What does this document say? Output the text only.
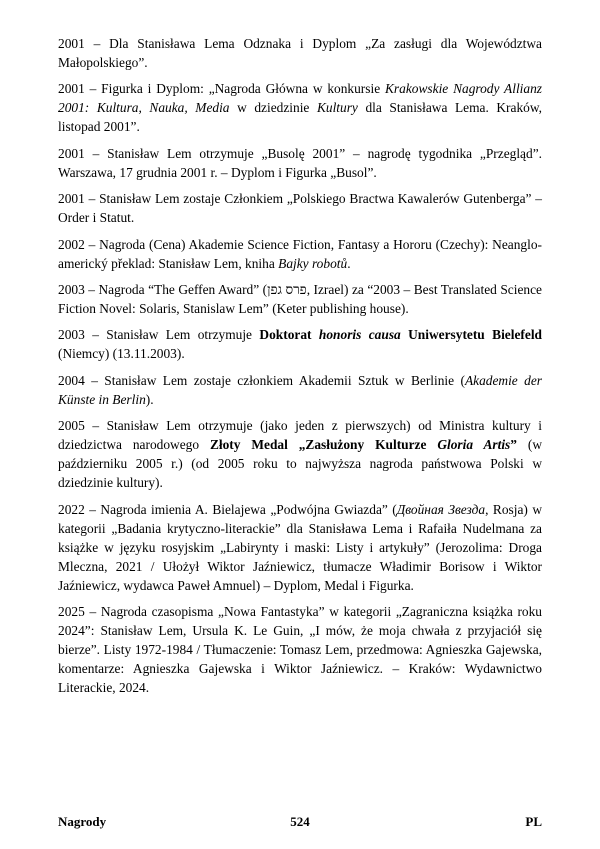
2001 – Dla Stanisława Lema Odznaka i Dyplom „Za zasługi dla Województwa Małopolskiego”.

2001 – Figurka i Dyplom: „Nagroda Główna w konkursie Krakowskie Nagrody Allianz 2001: Kultura, Nauka, Media w dziedzinie Kultury dla Stanisława Lema. Kraków, listopad 2001”.

2001 – Stanisław Lem otrzymuje „Busolę 2001” – nagrodę tygodnika „Przegląd”. Warszawa, 17 grudnia 2001 r. – Dyplom i Figurka „Busol”.

2001 – Stanisław Lem zostaje Członkiem „Polskiego Bractwa Kawalerów Gutenberga” – Order i Statut.

2002 – Nagroda (Cena) Akademie Science Fiction, Fantasy a Hororu (Czechy): Neanglo-americký překlad: Stanisław Lem, kniha Bajky robotů.

2003 – Nagroda “The Geffen Award” (פרס גפן, Izrael) za “2003 – Best Translated Science Fiction Novel: Solaris, Stanislaw Lem” (Keter publishing house).

2003 – Stanisław Lem otrzymuje Doktorat honoris causa Uniwersytetu Bielefeld (Niemcy) (13.11.2003).

2004 – Stanisław Lem zostaje członkiem Akademii Sztuk w Berlinie (Akademie der Künste in Berlin).

2005 – Stanisław Lem otrzymuje (jako jeden z pierwszych) od Ministra kultury i dziedzictwa narodowego Złoty Medal „Zasłużony Kulturze Gloria Artis” (w październiku 2005 r.) (od 2005 roku to najwyższa nagroda państwowa Polski w dziedzinie kultury).

2022 – Nagroda imienia A. Bielajewa „Podwójna Gwiazda” (Двойная Звезда, Rosja) w kategorii „Badania krytyczno-literackie” dla Stanisława Lema i Rafaiła Nudelmana za książke w języku rosyjskim „Labirynty i maski: Listy i artykuły” (Jerozolima: Droga Mleczna, 2021 / Ułożył Wiktor Jaźniewicz, tłumacze Władimir Borisow i Wiktor Jaźniewicz, wydawca Paweł Amnuel) – Dyplom, Medal i Figurka.

2025 – Nagroda czasopisma „Nowa Fantastyka” w kategorii „Zagraniczna książka roku 2024”: Stanisław Lem, Ursula K. Le Guin, „I mów, że moja chwała z przyjaciół się bierze”. Listy 1972-1984 / Tłumaczenie: Tomasz Lem, przedmowa: Agnieszka Gajewska, komentarze: Agnieszka Gajewska i Wiktor Jaźniewicz. – Kraków: Wydawnictwo Literackie, 2024.

Nagrody	524	PL
